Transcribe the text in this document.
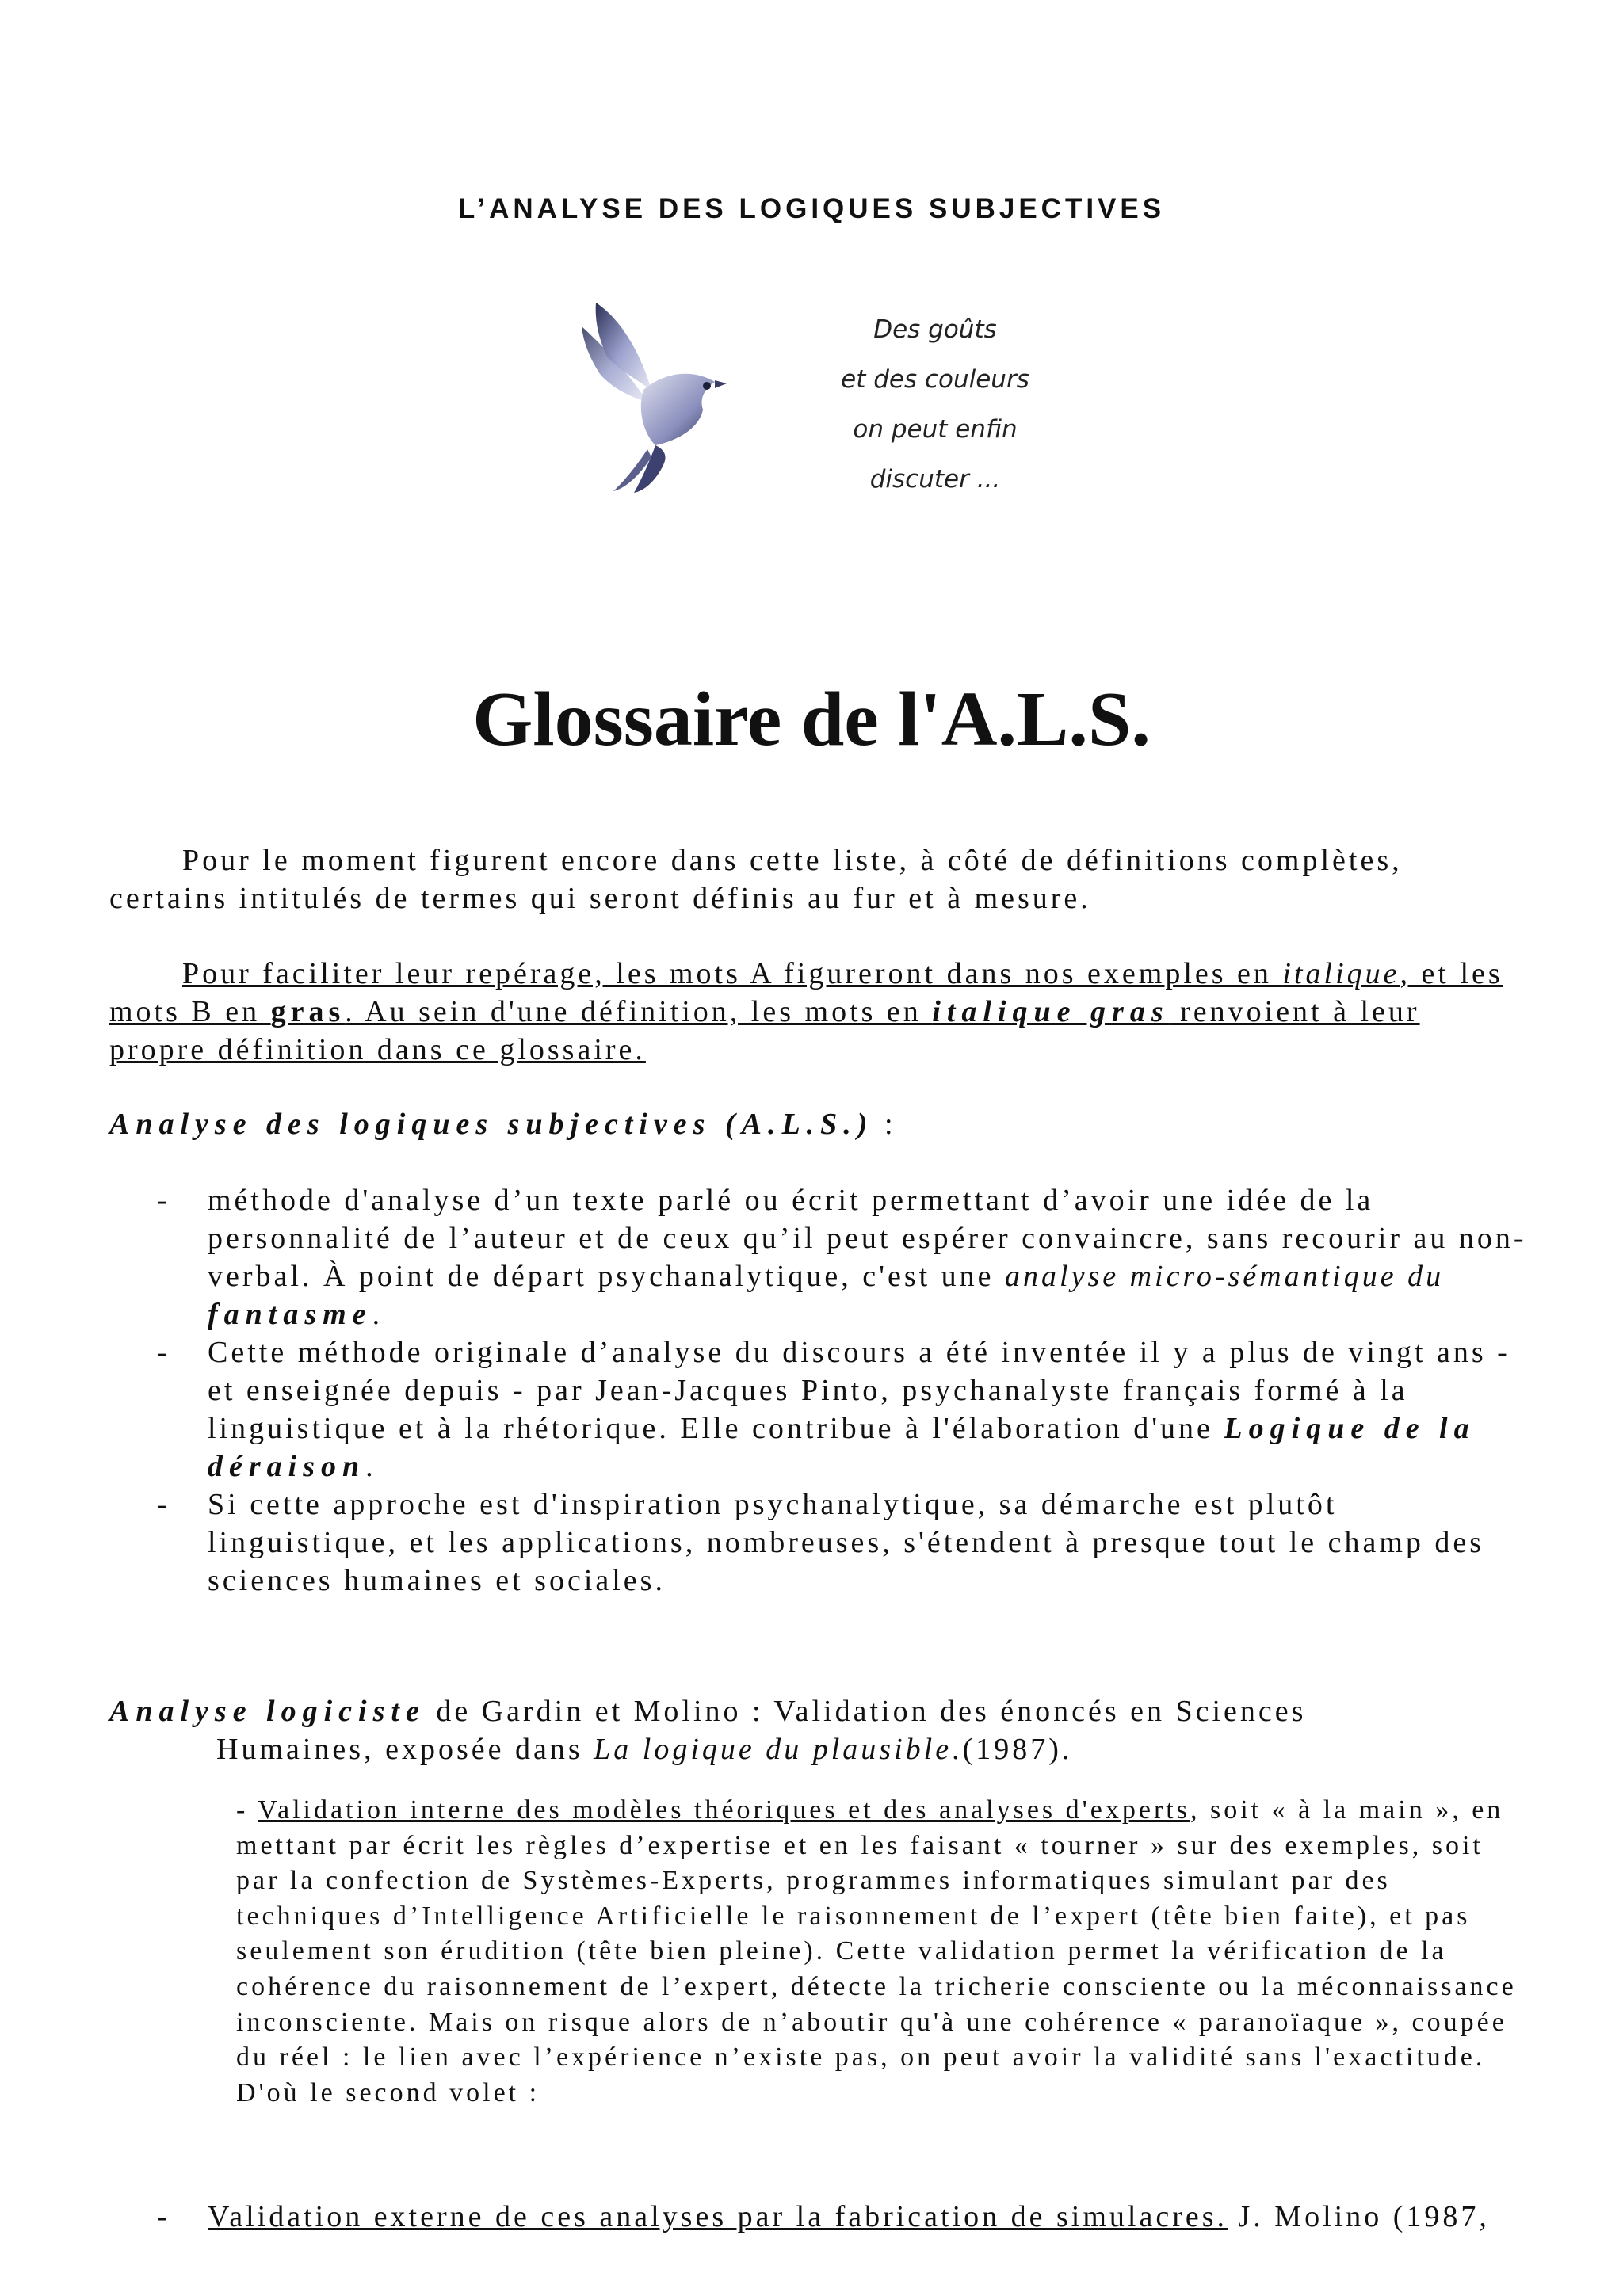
L’ANALYSE DES LOGIQUES SUBJECTIVES
Des goûts
et des couleurs
on peut enfin
discuter ...
Glossaire de l'A.L.S.
Pour le moment figurent encore dans cette liste, à côté de définitions complètes, certains intitulés de termes qui seront définis au fur et à mesure.
Pour faciliter leur repérage, les mots A figureront dans nos exemples en italique, et les mots B en gras. Au sein d'une définition, les mots en italique gras renvoient à leur propre définition dans ce glossaire.
Analyse des logiques subjectives (A.L.S.) :
- méthode d'analyse d’un texte parlé ou écrit permettant d’avoir une idée de la personnalité de l’auteur et de ceux qu’il peut espérer convaincre, sans recourir au non-verbal. À point de départ psychanalytique, c'est une analyse micro-sémantique du fantasme.
- Cette méthode originale d’analyse du discours a été inventée il y a plus de vingt ans - et enseignée depuis - par Jean-Jacques Pinto, psychanalyste français formé à la linguistique et à la rhétorique. Elle contribue à l'élaboration d'une Logique de la déraison.
- Si cette approche est d'inspiration psychanalytique, sa démarche est plutôt linguistique, et les applications, nombreuses, s'étendent à presque tout le champ des sciences humaines et sociales.
Analyse logiciste de Gardin et Molino : Validation des énoncés en Sciences
Humaines, exposée dans La logique du plausible.(1987).
- Validation interne des modèles théoriques et des analyses d'experts, soit « à la main », en mettant par écrit les règles d’expertise et en les faisant « tourner » sur des exemples, soit par la confection de Systèmes-Experts, programmes informatiques simulant par des techniques d’Intelligence Artificielle le raisonnement de l’expert (tête bien faite), et pas seulement son érudition (tête bien pleine). Cette validation permet la vérification de la cohérence du raisonnement de l’expert, détecte la tricherie consciente ou la méconnaissance inconsciente. Mais on risque alors de n’aboutir qu'à une cohérence « paranoïaque », coupée du réel : le lien avec l’expérience n’existe pas, on peut avoir la validité sans l'exactitude. D'où le second volet :
- Validation externe de ces analyses par la fabrication de simulacres. J. Molino (1987,
